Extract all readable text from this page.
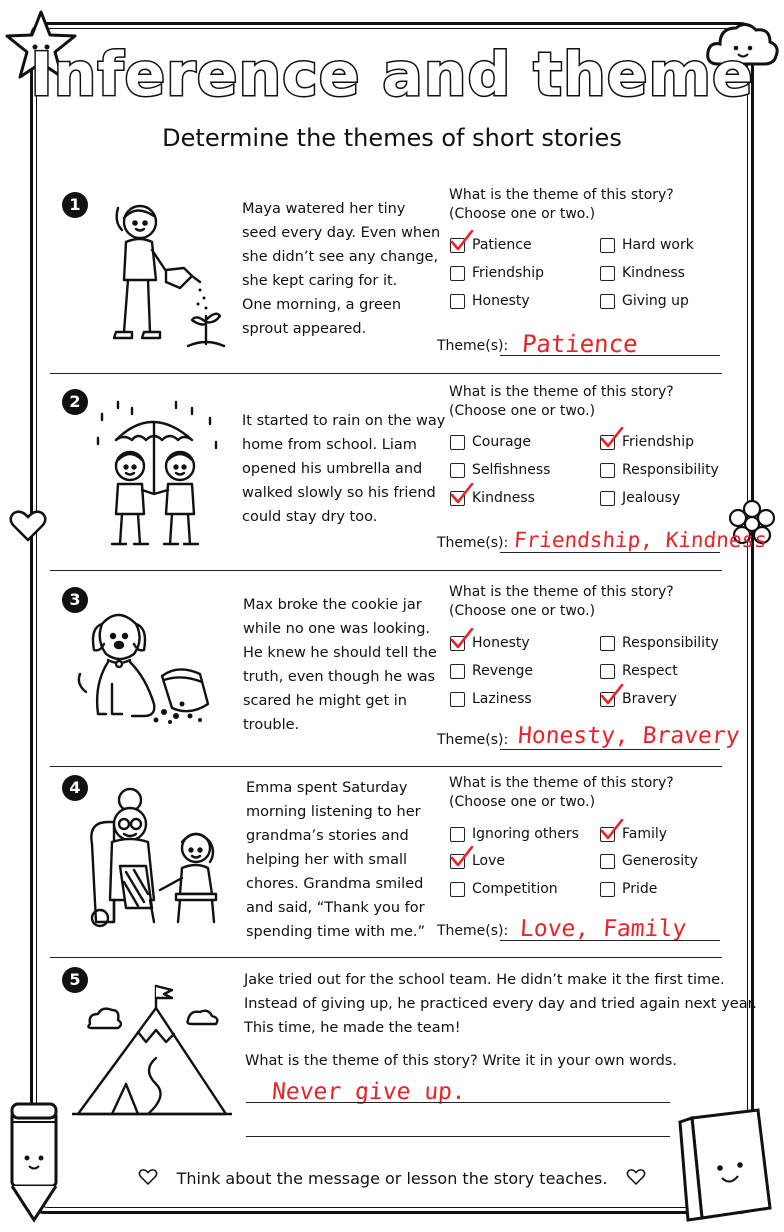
Inference and theme
Determine the themes of short stories
1	Maya watered her tiny
seed every day. Even when
she didn’t see any change,
she kept caring for it.
One morning, a green
sprout appeared.
What is the theme of this story?
(Choose one or two.)
Patience	Hard work
Friendship	Kindness
Honesty	Giving up
Theme(s): Patience
2
It started to rain on the way
home from school. Liam
opened his umbrella and
walked slowly so his friend
could stay dry too.
What is the theme of this story?
(Choose one or two.)
Courage	Friendship
Selfishness	Responsibility
Kindness	Jealousy
Theme(s): Friendship, Kindness
3	Max broke the cookie jar
while no one was looking.
He knew he should tell the
truth, even though he was
scared he might get in
trouble.
What is the theme of this story?
(Choose one or two.)
Honesty	Responsibility
Revenge	Respect
Laziness	Bravery
Theme(s): Honesty, Bravery
4	Emma spent Saturday
morning listening to her
grandma’s stories and
helping her with small
chores. Grandma smiled
and said, “Thank you for
spending time with me.”
What is the theme of this story?
(Choose one or two.)
Ignoring others	Family
Love	Generosity
Competition	Pride
Theme(s): Love, Family
5	Jake tried out for the school team. He didn’t make it the first time.
Instead of giving up, he practiced every day and tried again next year.
This time, he made the team!
What is the theme of this story? Write it in your own words.
Never give up.
Think about the message or lesson the story teaches.
